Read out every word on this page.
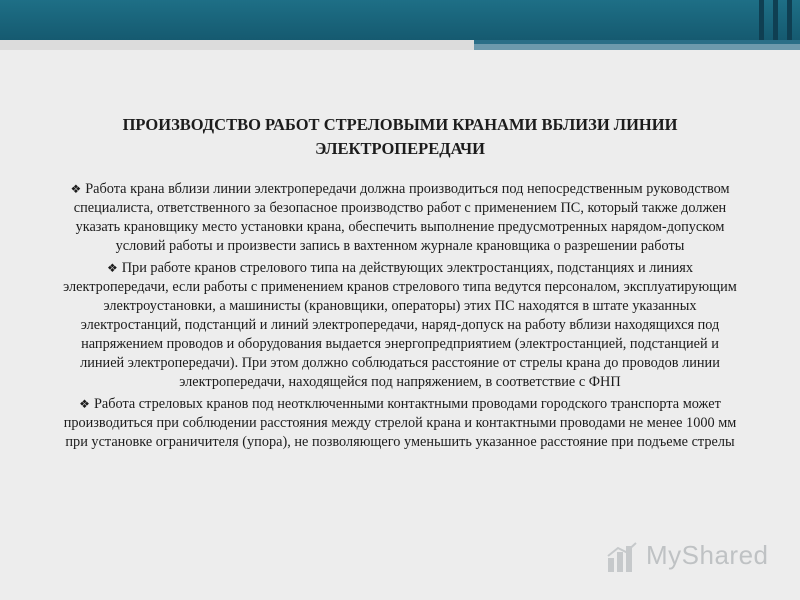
ПРОИЗВОДСТВО РАБОТ СТРЕЛОВЫМИ КРАНАМИ ВБЛИЗИ ЛИНИИ
ЭЛЕКТРОПЕРЕДАЧИ

❖ Работа крана вблизи линии электропередачи должна производиться под непосредственным руководством специалиста, ответственного за безопасное производство работ с применением ПС, который также должен указать крановщику место установки крана, обеспечить выполнение предусмотренных нарядом-допуском условий работы и произвести запись в вахтенном журнале крановщика о разрешении работы

❖ При работе кранов стрелового типа на действующих электростанциях, подстанциях и линиях электропередачи, если работы с применением кранов стрелового типа ведутся персоналом, эксплуатирующим электроустановки, а машинисты (крановщики, операторы) этих ПС находятся в штате указанных электростанций, подстанций и линий электропередачи, наряд-допуск на работу вблизи находящихся под напряжением проводов и оборудования выдается энергопредприятием (электростанцией, подстанцией и линией электропередачи). При этом должно соблюдаться расстояние от стрелы крана до проводов линии электропередачи, находящейся под напряжением, в соответствие с ФНП

❖ Работа стреловых кранов под неотключенными контактными проводами городского транспорта может производиться при соблюдении расстояния между стрелой крана и контактными проводами не менее 1000 мм при установке ограничителя (упора), не позволяющего уменьшить указанное расстояние при подъеме стрелы

MyShared
